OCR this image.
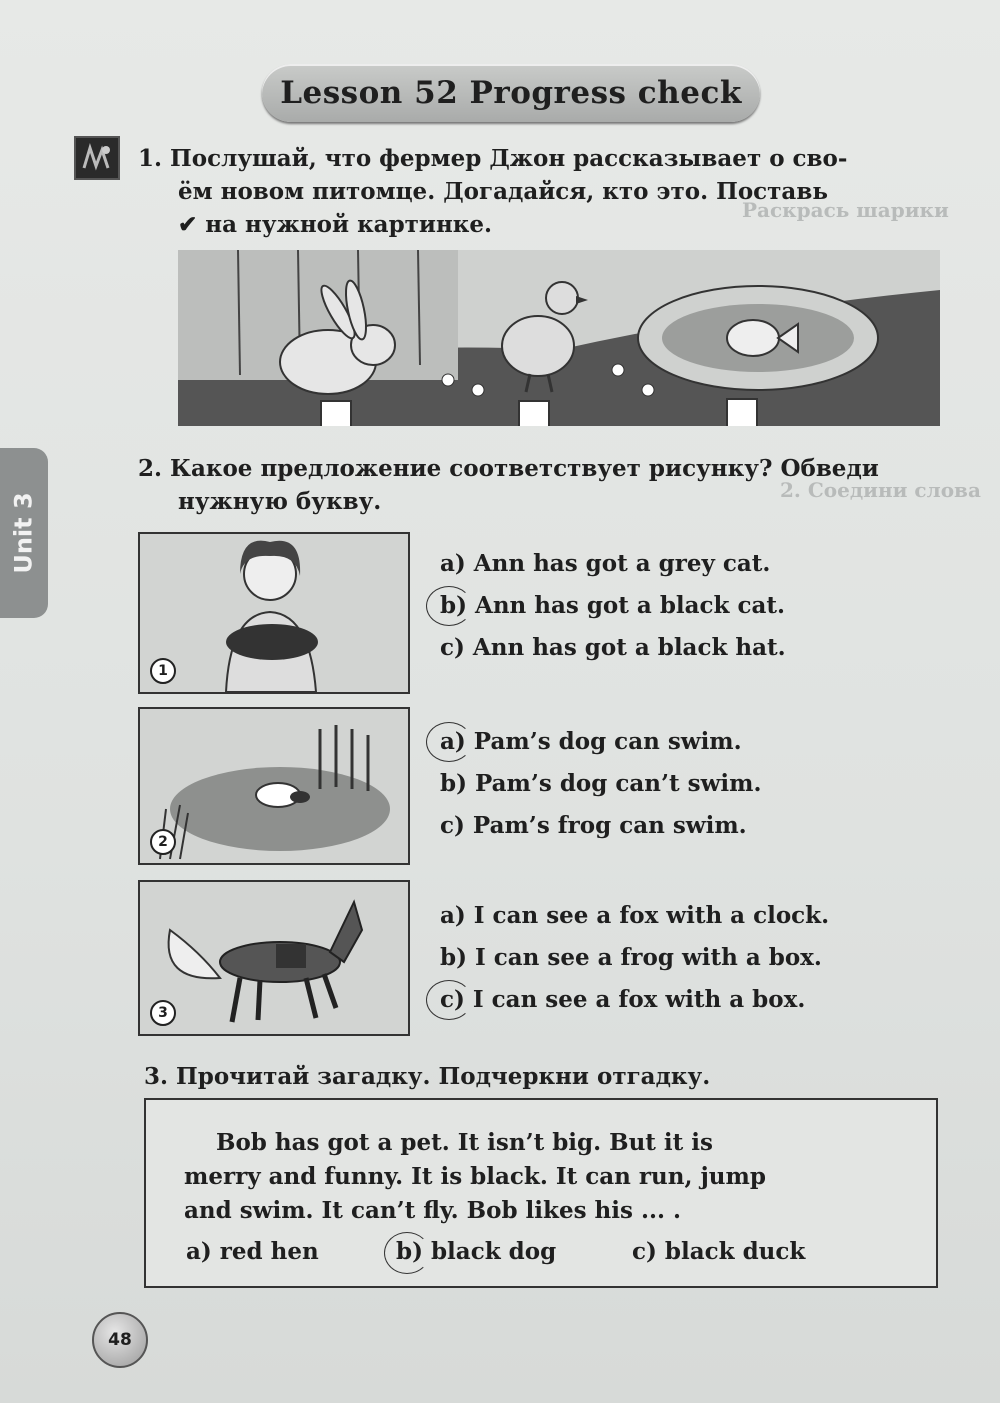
Раскрась шарики
2. Соедини слова
Lesson 52 Progress check
Unit 3
1. Послушай, что фермер Джон рассказывает о сво-
ём новом питомце. Догадайся, кто это. Поставь
✔ на нужной картинке.
2. Какое предложение соответствует рисунку? Обведи
нужную букву.
1
2
3
a) Ann has got a grey cat.
b) Ann has got a black cat.
c) Ann has got a black hat.
a) Pam’s dog can swim.
b) Pam’s dog can’t swim.
c) Pam’s frog can swim.
a) I can see a fox with a clock.
b) I can see a frog with a box.
c) I can see a fox with a box.
3. Прочитай загадку. Подчеркни отгадку.
Bob has got a pet. It isn’t big. But it is
merry and funny. It is black. It can run, jump
and swim. It can’t fly. Bob likes his ... .
a) red hen	b) black dog	c) black duck
48
